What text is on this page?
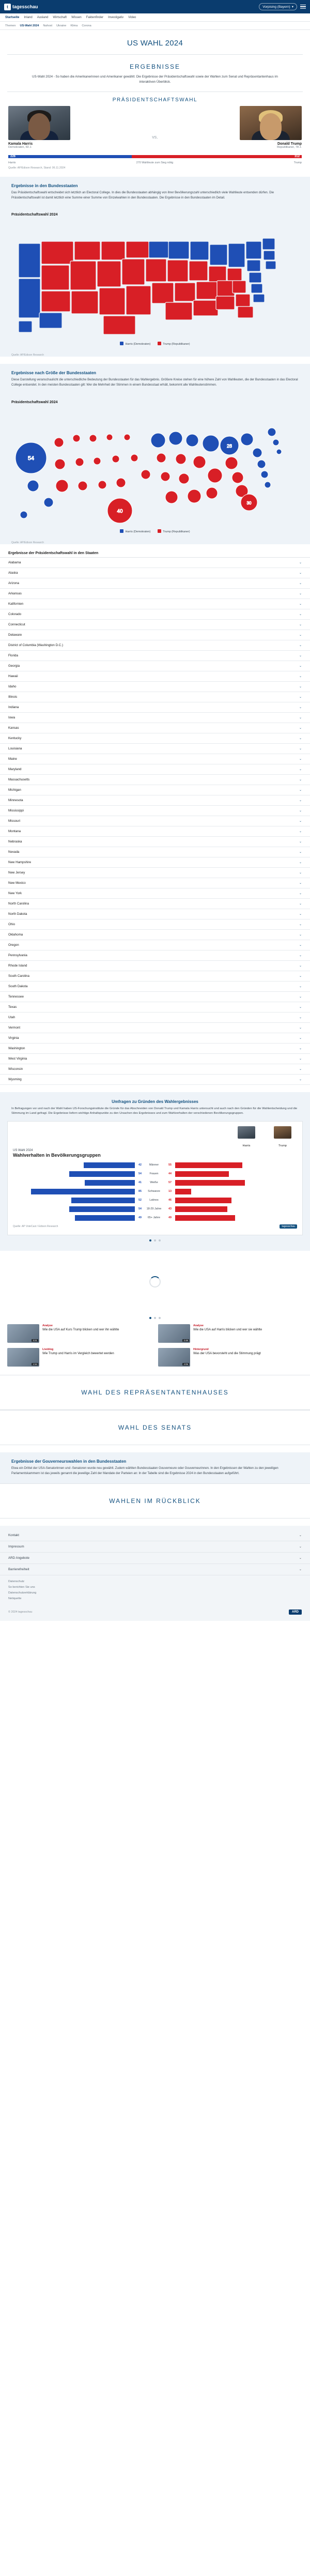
t tagesschau	Vorpising (Bayern) ▾
Startseite Inland Ausland Wirtschaft Wissen Faktenfinder Investigativ Video
Themen US-Wahl 2024 Nahost Ukraine Klima Corona
US WAHL 2024
ERGEBNISSE
US-Wahl 2024 - So haben die Amerikanerinnen und Amerikaner gewählt: Die Ergebnisse der Präsidentschaftswahl sowie der Wahlen zum Senat und Repräsentantenhaus im interaktiven Überblick.
PRÄSIDENTSCHAFTSWAHL
Kamala Harris
Demokraten, 60 J.
vs.
Donald Trump
Republikaner, 78 J.
226	312
Harris	270 Wahlleute zum Sieg nötig	Trump
Quelle: AP/Edison Research, Stand: 06.11.2024
Ergebnisse in den Bundesstaaten

Das Präsidentschaftswahl entscheidet sich letztlich an Electoral College. In dies die Bundesstaaten abhängig von ihrer Bevölkerungszahl unterschiedlich viele Wahlleute entsenden dürfen. Die Präsidentschaftswahl ist damit letztlich eine Summe einer Summe von Einzelwahlen in den Bundesstaaten. Die Ergebnisse in den Bundesstaaten im Detail.

Präsidentschaftswahl 2024
Harris (Demokraten)	Trump (Republikaner)
Quelle: AP/Edison Research
Ergebnisse nach Größe der Bundesstaaten

Diese Darstellung veranschaulicht die unterschiedliche Bedeutung der Bundesstaaten für das Wahlergebnis. Größere Kreise stehen für eine höhere Zahl von Wahlleuten, die der Bundesstaaten in das Electoral College entsendet. In den meisten Bundesstaaten gilt: Wer die Mehrheit der Stimmen in einem Bundesstaat erhält, bekommt alle Wahlleutenstimmen.

Präsidentschaftswahl 2024
54
28
40
30
Harris (Demokraten)	Trump (Republikaner)
Quelle: AP/Edison Research
Ergebnisse der Präsidentschaftswahl in den Staaten
Alabama	⌄
Alaska	⌄
Arizona	⌄
Arkansas	⌄
Kalifornien	⌄
Colorado	⌄
Connecticut	⌄
Delaware	⌄
District of Columbia (Washington D.C.)	⌄
Florida	⌄
Georgia	⌄
Hawaii	⌄
Idaho	⌄
Illinois	⌄
Indiana	⌄
Iowa	⌄
Kansas	⌄
Kentucky	⌄
Louisiana	⌄
Maine	⌄
Maryland	⌄
Massachusetts	⌄
Michigan	⌄
Minnesota	⌄
Mississippi	⌄
Missouri	⌄
Montana	⌄
Nebraska	⌄
Nevada	⌄
New Hampshire	⌄
New Jersey	⌄
New Mexico	⌄
New York	⌄
North Carolina	⌄
North Dakota	⌄
Ohio	⌄
Oklahoma	⌄
Oregon	⌄
Pennsylvania	⌄
Rhode Island	⌄
South Carolina	⌄
South Dakota	⌄
Tennessee	⌄
Texas	⌄
Utah	⌄
Vermont	⌄
Virginia	⌄
Washington	⌄
West Virginia	⌄
Wisconsin	⌄
Wyoming	⌄
Umfragen zu Gründen des Wahlergebnisses

In Befragungen vor und nach der Wahl haben US-Forschungsinstitute die Gründe für das Abschneiden von Donald Trump und Kamala Harris untersucht und auch nach den Gründen für die Wahlentscheidung und die Stimmung im Land gefragt. Die Ergebnisse liefern wichtige Anhaltspunkte zu den Ursachen des Ergebnisses und zum Wahlverhalten der verschiedenen Bevölkerungsgruppen.

Harris	Trump
US Wahl 2024
Wahlverhalten in Bevölkerungsgruppen
42	Männer	55
54	Frauen	44
41	Weiße	57
85	Schwarze	13
52	Latinos	46
54	18-29 Jahre	43
49	65+ Jahre	49
Quelle: AP VoteCast / Edison Research	tagesschau
3:21
Analyse
Wie die USA auf Kurs Trump blicken und wer ihn wählte
2:48
Analyse
Wie die USA auf Harris blicken und wer sie wählte
1:54
Liveblog
Wie Trump und Harris im Vergleich bewertet werden
4:05
Hintergrund
Was der USA bevorsteht und die Stimmung prägt
WAHL DES REPRÄSENTANTENHAUSES
WAHL DES SENATS
Ergebnisse der Gouverneurswahlen in den Bundesstaaten

Etwa ein Drittel der USA-Senatorinnen und -Senatoren wurde neu gewählt. Zudem wählten Bundesstaaten Gouverneure oder Gouverneurinnen. In den Ergebnissen der Wahlen zu den jeweiligen Parlamentskammern ist das jeweils genannt die jeweilige Zahl der Mandate der Parteien an: In der Tabelle sind die Ergebnisse 2024 in den Bundesstaaten aufgeführt.

WAHLEN IM RÜCKBLICK
Kontakt	⌄
Impressum	⌄
ARD Angebote	⌄
Barrierefreiheit	⌄
Datenschutz
So berichten Sie uns
Datenschutzerklärung
Netiquette
© 2024 tagesschau	ARD
